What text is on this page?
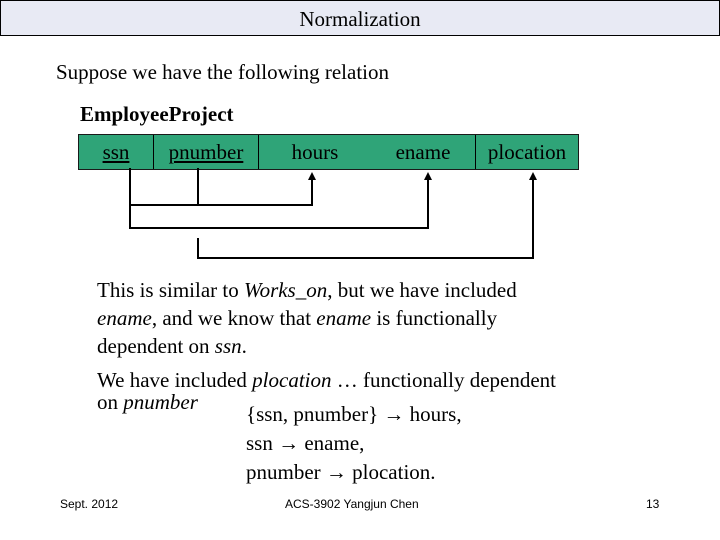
Normalization
Suppose we have the following relation
EmployeeProject
ssn	pnumber	hours	ename	plocation
This is similar to Works_on, but we have included
ename, and we know that ename is functionally
dependent on ssn.
We have included plocation … functionally dependent
on pnumber	{ssn, pnumber} → hours,
ssn → ename,
pnumber → plocation.
Sept. 2012	ACS-3902 Yangjun Chen	13
